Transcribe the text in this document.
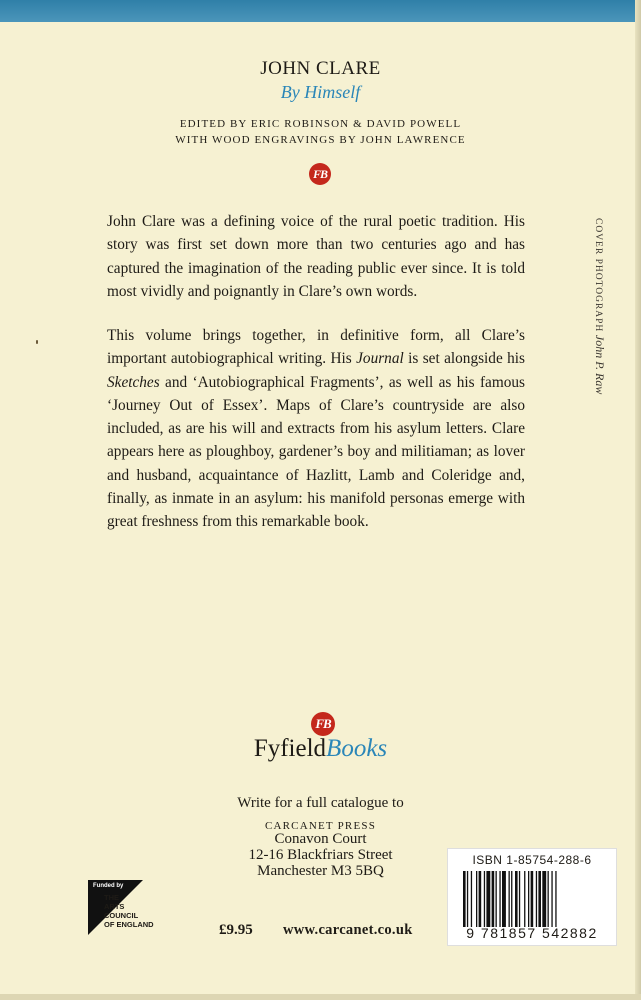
JOHN CLARE
By Himself
EDITED BY ERIC ROBINSON & DAVID POWELL
WITH WOOD ENGRAVINGS BY JOHN LAWRENCE
FB

John Clare was a defining voice of the rural poetic tradition. His story was first set down more than two centuries ago and has captured the imagination of the reading public ever since. It is told most vividly and poignantly in Clare’s own words.

This volume brings together, in definitive form, all Clare’s important autobiographical writing. His Journal is set alongside his Sketches and ‘Autobiographical Fragments’, as well as his famous ‘Journey Out of Essex’. Maps of Clare’s countryside are also included, as are his will and extracts from his asylum letters. Clare appears here as ploughboy, gardener’s boy and militiaman; as lover and husband, acquaintance of Hazlitt, Lamb and Coleridge and, finally, as inmate in an asylum: his manifold personas emerge with great freshness from this remarkable book.

COVER PHOTOGRAPH John P. Raw
FB
FyfieldBooks
Write for a full catalogue to
CARCANET PRESS
Conavon Court
12-16 Blackfriars Street
Manchester M3 5BQ
Funded by
THE
ARTS
COUNCIL
OF ENGLAND	£9.95 www.carcanet.co.uk
ISBN 1-85754-288-6
9 781857 542882
